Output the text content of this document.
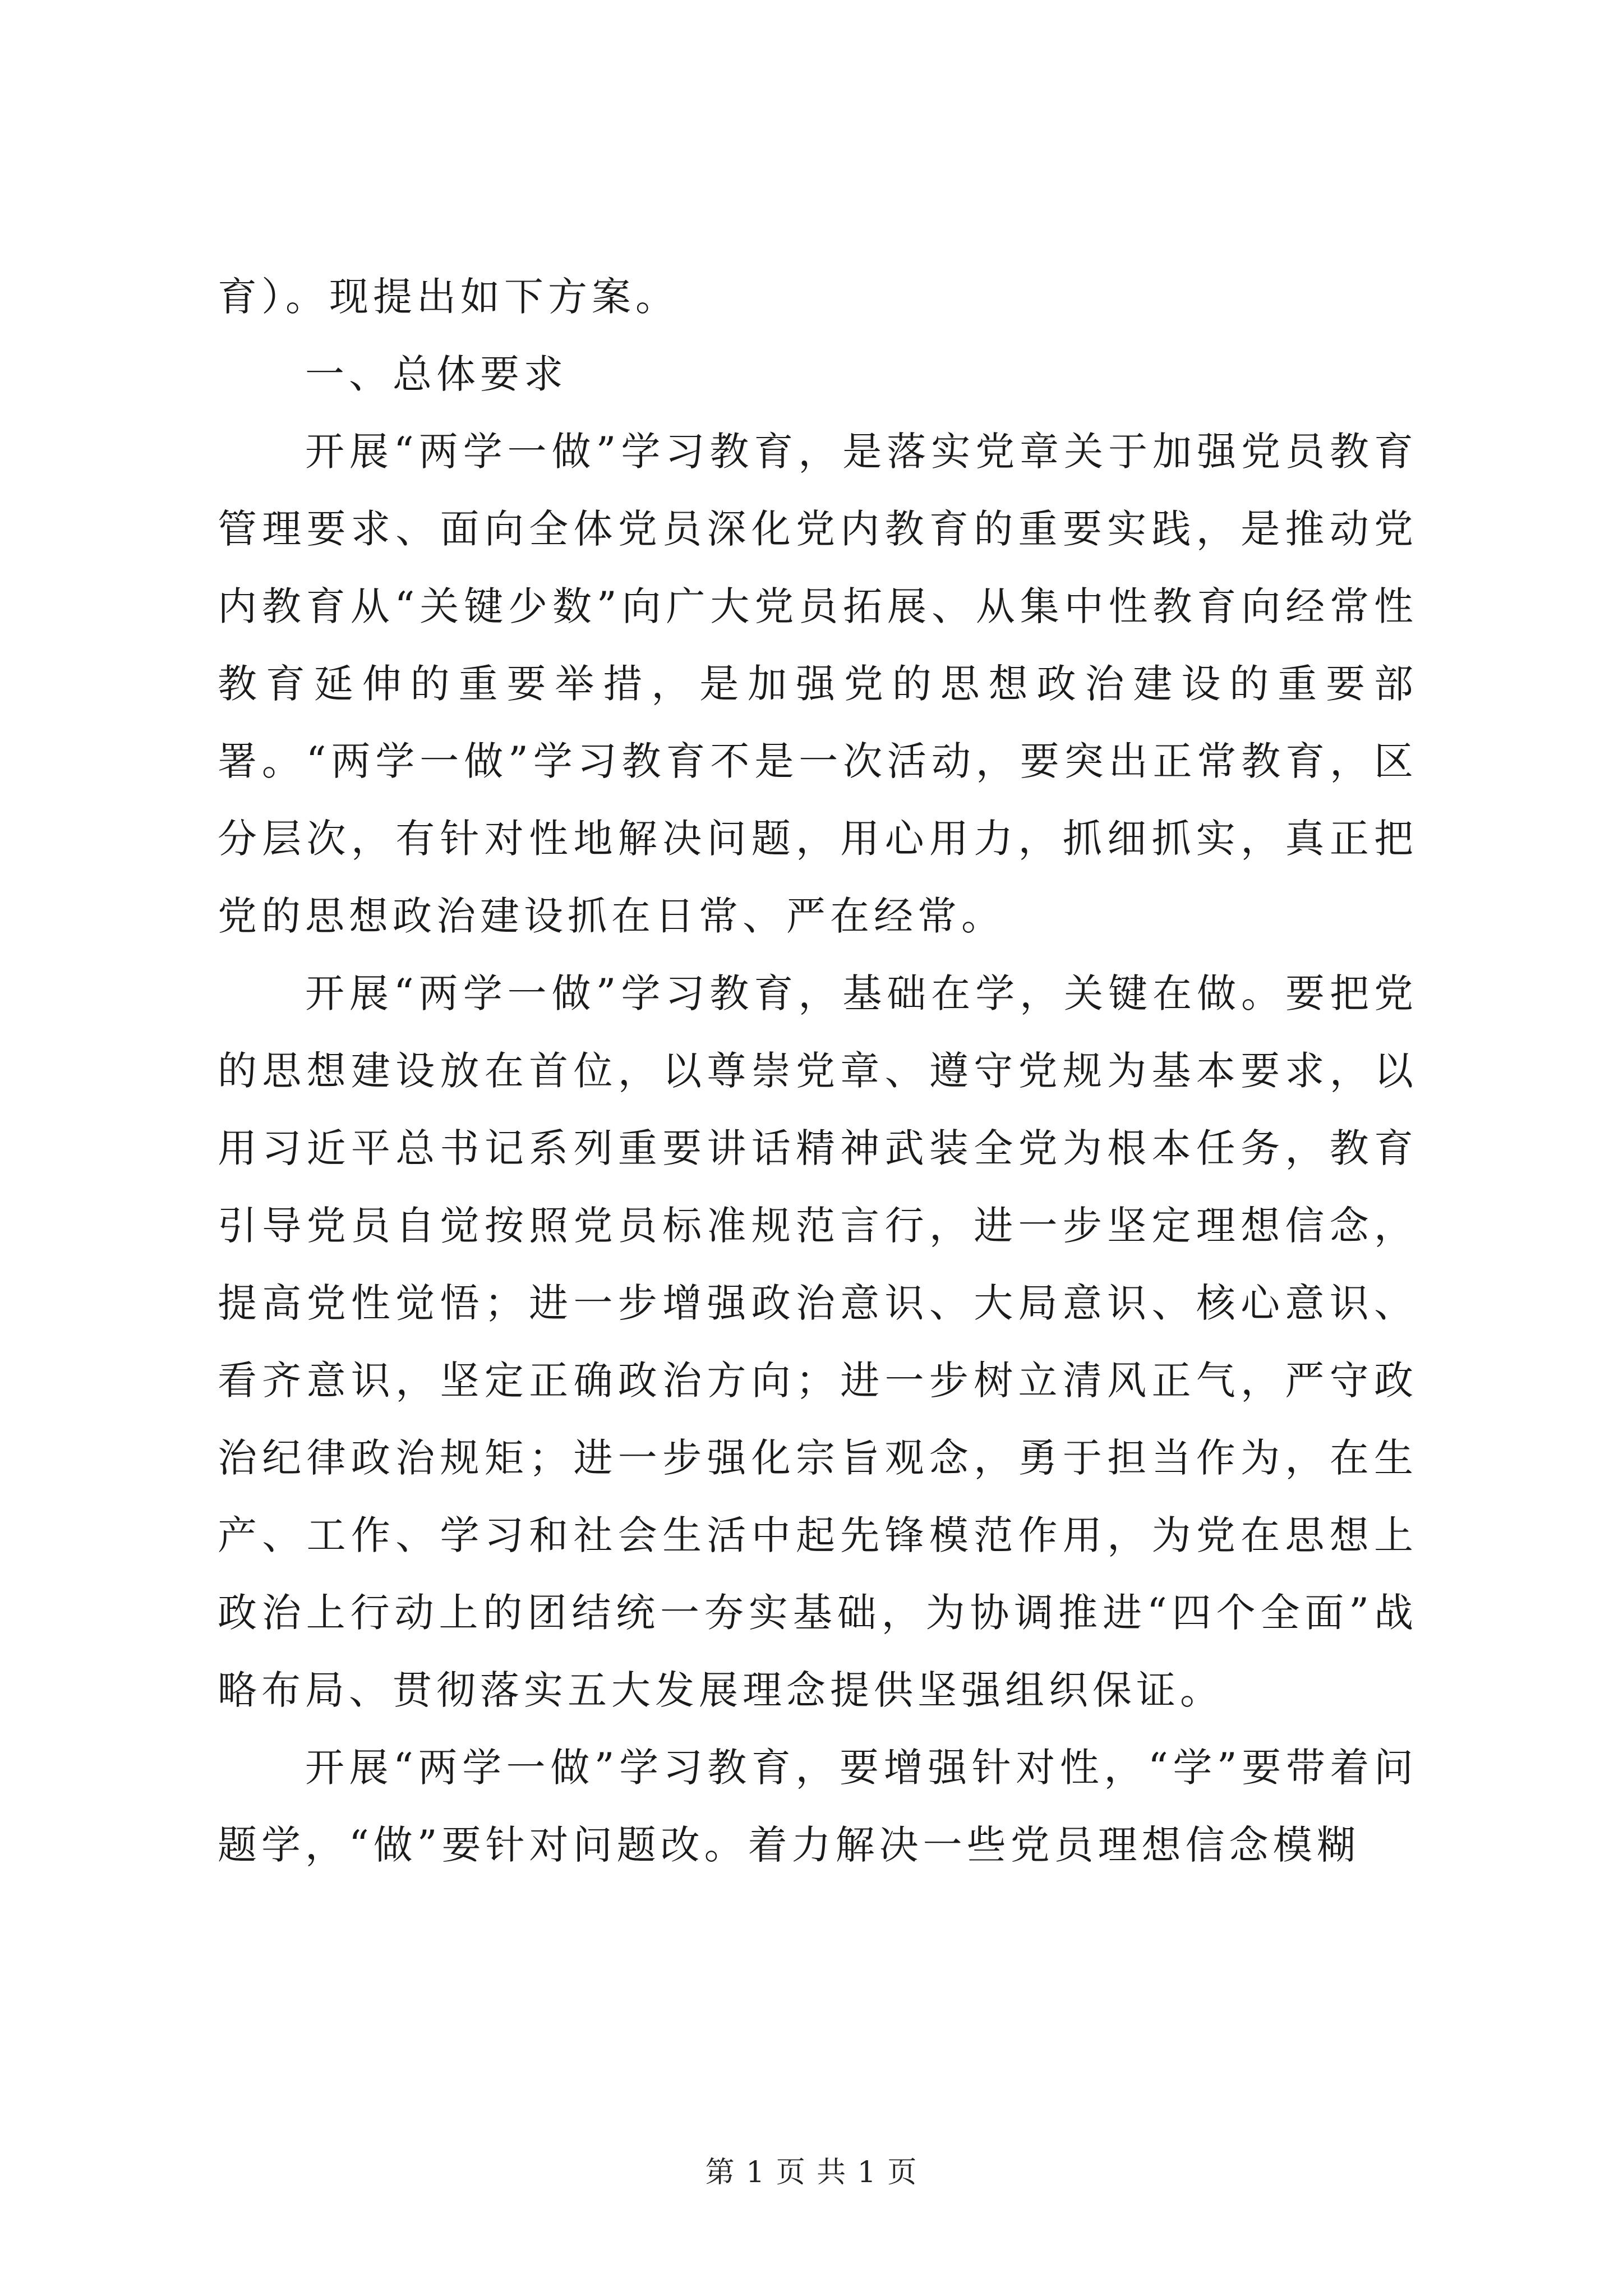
育）。现提出如下方案。

一、总体要求

开展“两学一做”学习教育，是落实党章关于加强党员教育管理要求、面向全体党员深化党内教育的重要实践，是推动党内教育从“关键少数”向广大党员拓展、从集中性教育向经常性教育延伸的重要举措，是加强党的思想政治建设的重要部署。“两学一做”学习教育不是一次活动，要突出正常教育，区分层次，有针对性地解决问题，用心用力，抓细抓实，真正把党的思想政治建设抓在日常、严在经常。

开展“两学一做”学习教育，基础在学，关键在做。要把党的思想建设放在首位，以尊崇党章、遵守党规为基本要求，以用习近平总书记系列重要讲话精神武装全党为根本任务，教育引导党员自觉按照党员标准规范言行，进一步坚定理想信念，提高党性觉悟；进一步增强政治意识、大局意识、核心意识、看齐意识，坚定正确政治方向；进一步树立清风正气，严守政治纪律政治规矩；进一步强化宗旨观念，勇于担当作为，在生产、工作、学习和社会生活中起先锋模范作用，为党在思想上政治上行动上的团结统一夯实基础，为协调推进“四个全面”战略布局、贯彻落实五大发展理念提供坚强组织保证。

开展“两学一做”学习教育，要增强针对性，“学”要带着问题学，“做”要针对问题改。着力解决一些党员理想信念模糊

第 1 页 共 1 页
